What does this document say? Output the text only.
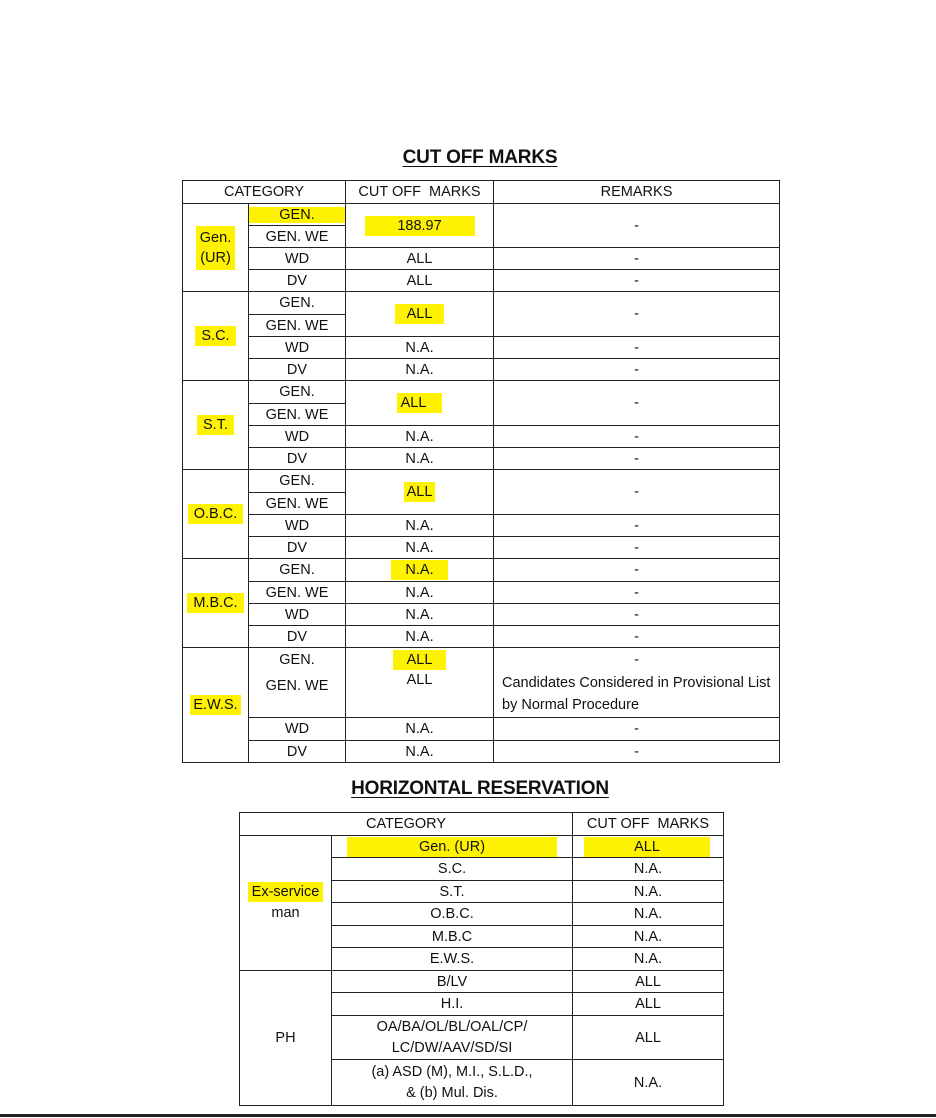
CUT OFF MARKS
CATEGORY		CUT OFF  MARKS	REMARKS
Gen.
(UR)	GEN.	188.97	-
	GEN. WE		
	WD	ALL	-
	DV	ALL	-
S.C.	GEN.	ALL	-
	GEN. WE		
	WD	N.A.	-
	DV	N.A.	-
S.T.	GEN.	ALL	-
	GEN. WE		
	WD	N.A.	-
	DV	N.A.	-
O.B.C.	GEN.	ALL	-
	GEN. WE		
	WD	N.A.	-
	DV	N.A.	-
M.B.C.	GEN.	N.A.	-
	GEN. WE	N.A.	-
	WD	N.A.	-
	DV	N.A.	-
E.W.S.	GEN.	ALL	-
	GEN. WE	ALL	Candidates Considered in Provisional List by Normal Procedure
	WD	N.A.	-
	DV	N.A.	-
HORIZONTAL RESERVATION
CATEGORY		CUT OFF  MARKS
Ex-service
man	Gen. (UR)	ALL
	S.C.	N.A.
	S.T.	N.A.
	O.B.C.	N.A.
	M.B.C	N.A.
	E.W.S.	N.A.
PH	B/LV	ALL
	H.I.	ALL
	OA/BA/OL/BL/OAL/CP/
LC/DW/AAV/SD/SI	ALL
	(a) ASD (M), M.I., S.L.D.,
& (b) Mul. Dis.	N.A.
